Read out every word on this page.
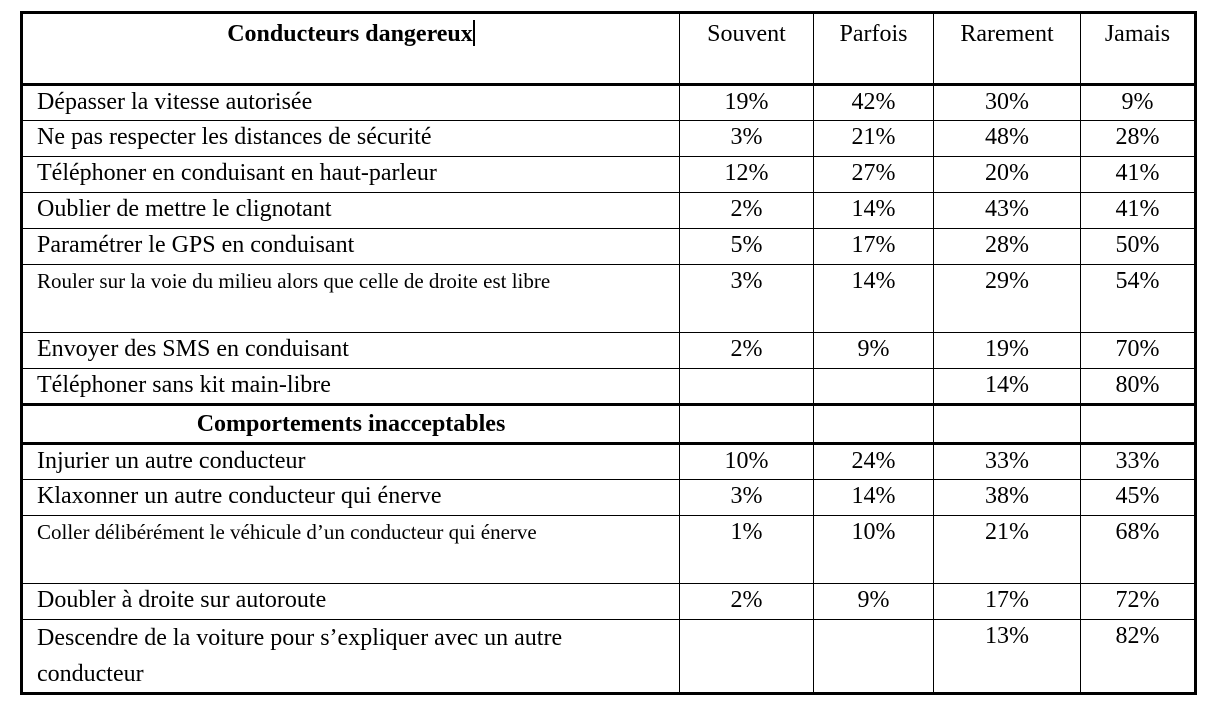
Conducteurs dangereux	Souvent	Parfois	Rarement	Jamais
Dépasser la vitesse autorisée	19%	42%	30%	9%
Ne pas respecter les distances de sécurité	3%	21%	48%	28%
Téléphoner en conduisant en haut-parleur	12%	27%	20%	41%
Oublier de mettre le clignotant	2%	14%	43%	41%
Paramétrer le GPS en conduisant	5%	17%	28%	50%
Rouler sur la voie du milieu alors que celle de droite est libre	3%	14%	29%	54%
Envoyer des SMS en conduisant	2%	9%	19%	70%
Téléphoner sans kit main-libre			14%	80%
Comportements inacceptables				
Injurier un autre conducteur	10%	24%	33%	33%
Klaxonner un autre conducteur qui énerve	3%	14%	38%	45%
Coller délibérément le véhicule d’un conducteur qui énerve	1%	10%	21%	68%
Doubler à droite sur autoroute	2%	9%	17%	72%
Descendre de la voiture pour s’expliquer avec un autre conducteur			13%	82%
